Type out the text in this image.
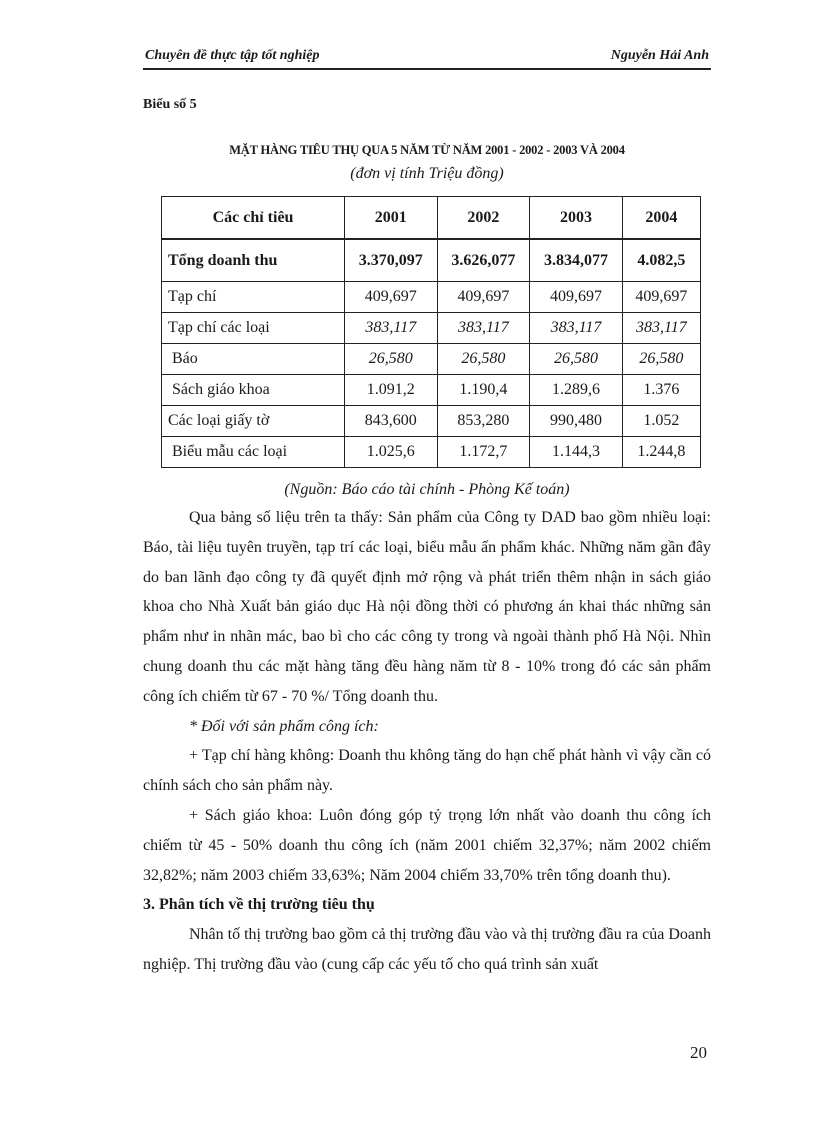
Chuyên đề thực tập tốt nghiệp	Nguyễn Hải Anh
Biểu số 5
MẶT HÀNG TIÊU THỤ QUA 5 NĂM TỪ NĂM 2001 - 2002 - 2003 VÀ 2004
(đơn vị tính Triệu đồng)
Các chỉ tiêu	2001	2002	2003	2004
Tổng doanh thu	3.370,097	3.626,077	3.834,077	4.082,5
Tạp chí	409,697	409,697	409,697	409,697
Tạp chí các loại	383,117	383,117	383,117	383,117
Báo	26,580	26,580	26,580	26,580
Sách giáo khoa	1.091,2	1.190,4	1.289,6	1.376
Các loại giấy tờ	843,600	853,280	990,480	1.052
Biểu mẫu các loại	1.025,6	1.172,7	1.144,3	1.244,8
(Nguồn: Báo cáo tài chính - Phòng Kế toán)

Qua bảng số liệu trên ta thấy: Sản phẩm của Công ty DAD bao gồm nhiều loại: Báo, tài liệu tuyên truyền, tạp trí các loại, biểu mẫu ấn phẩm khác. Những năm gần đây do ban lãnh đạo công ty đã quyết định mở rộng và phát triển thêm nhận in sách giáo khoa cho Nhà Xuất bản giáo dục Hà nội đồng thời có phương án khai thác những sản phẩm như in nhãn mác, bao bì cho các công ty trong và ngoài thành phố Hà Nội. Nhìn chung doanh thu các mặt hàng tăng đều hàng năm từ 8 - 10% trong đó các sản phẩm công ích chiếm từ 67 - 70 %/ Tổng doanh thu.

* Đối với sản phẩm công ích:

+ Tạp chí hàng không: Doanh thu không tăng do hạn chế phát hành vì vậy cần có chính sách cho sản phẩm này.

+ Sách giáo khoa: Luôn đóng góp tỷ trọng lớn nhất vào doanh thu công ích chiếm từ 45 - 50% doanh thu công ích (năm 2001 chiếm 32,37%; năm 2002 chiếm 32,82%; năm 2003 chiếm 33,63%; Năm 2004 chiếm 33,70% trên tổng doanh thu).

3. Phân tích về thị trường tiêu thụ

Nhân tố thị trường bao gồm cả thị trường đầu vào và thị trường đầu ra của Doanh nghiệp. Thị trường đầu vào (cung cấp các yếu tố cho quá trình sản xuất

20
